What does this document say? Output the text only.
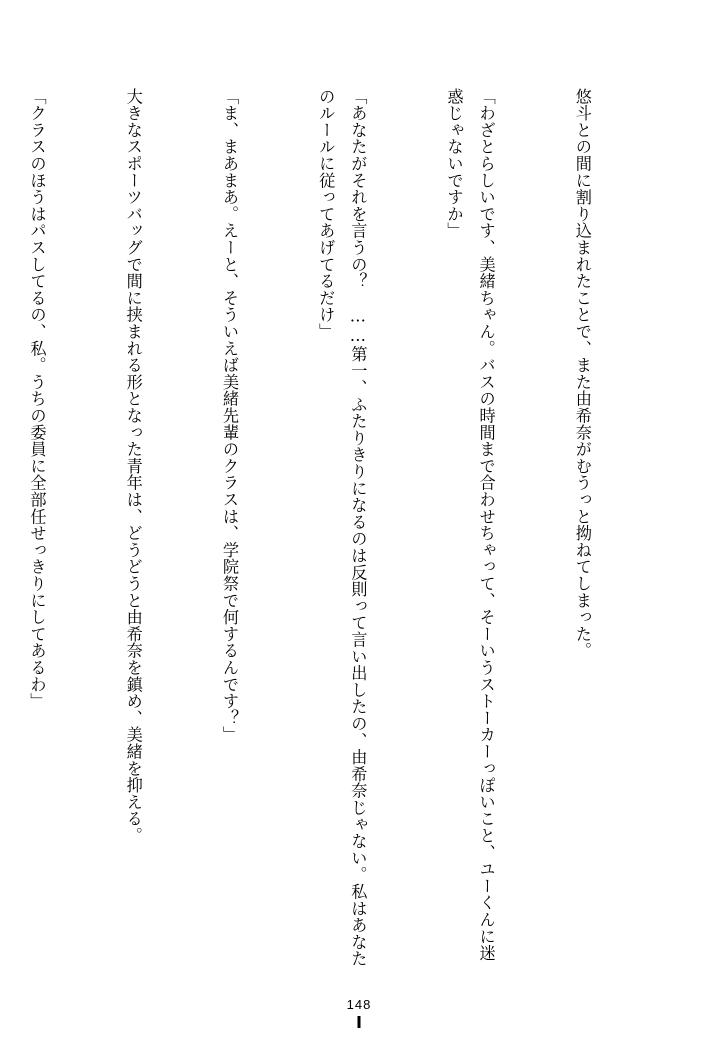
悠斗との間に割り込まれたことで、また由希奈がむうっと拗ねてしまった。

「わざとらしいです、美緒ちゃん。バスの時間まで合わせちゃって、そーいうストーカーっぽいこと、ユーくんに迷惑じゃないですか」

「あなたがそれを言うの？　……第一、ふたりきりになるのは反則って言い出したの、由希奈じゃない。私はあなたのルールに従ってあげてるだけ」

「ま、まあまあ。えーと、そういえば美緒先輩のクラスは、学院祭で何するんです？」

大きなスポーツバッグで間に挟まれる形となった青年は、どうどうと由希奈を鎮め、美緒を抑える。

「クラスのほうはパスしてるの、私。うちの委員に全部任せっきりにしてあるわ」

148
